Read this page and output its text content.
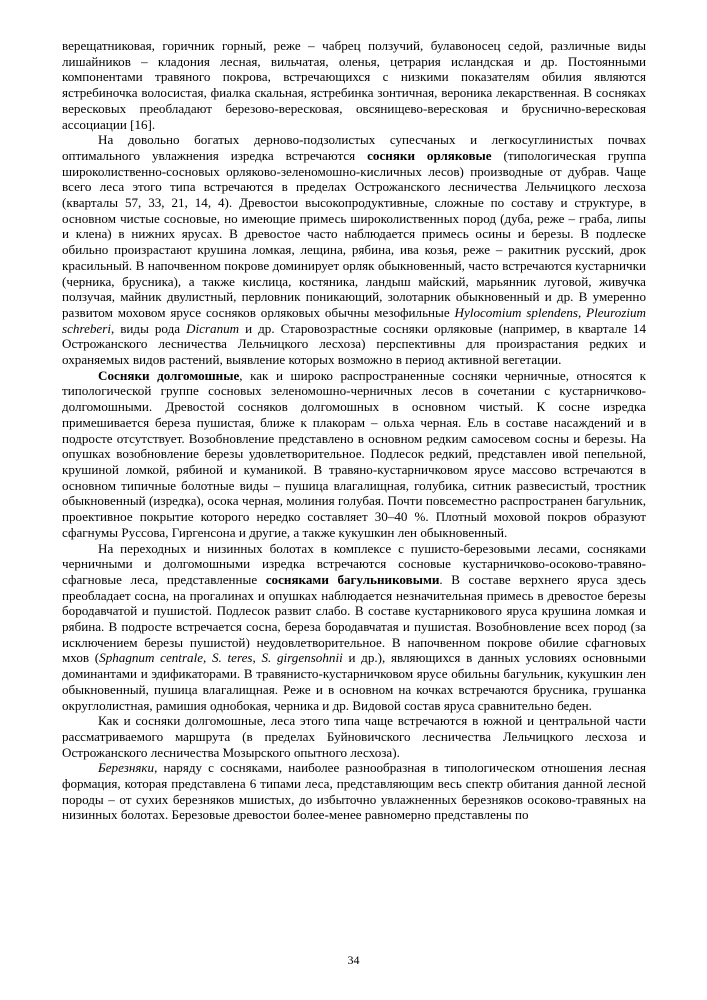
верещатниковая, горичник горный, реже – чабрец ползучий, булавоносец седой, различные виды лишайников – кладония лесная, вильчатая, оленья, цетрария исландская и др. Постоянными компонентами травяного покрова, встречающихся с низкими показателям обилия являются ястребиночка волосистая, фиалка скальная, ястребинка зонтичная, вероника лекарственная. В сосняках вересковых преобладают березово-вересковая, овсянищево-вересковая и брусничнo-вересковая ассоциации [16].

На довольно богатых дерново-подзолистых супесчаных и легкосуглинистых почвах оптимального увлажнения изредка встречаются сосняки орляковые (типологическая группа широколиственно-сосновых орляково-зеленомошно-кисличных лесов) производные от дубрав. Чаще всего леса этого типа встречаются в пределах Острожанского лесничества Лельчицкого лесхоза (кварталы 57, 33, 21, 14, 4). Древостои высокопродуктивные, сложные по составу и структуре, в основном чистые сосновые, но имеющие примесь широколиственных пород (дуба, реже – граба, липы и клена) в нижних ярусах. В древостое часто наблюдается примесь осины и березы. В подлеске обильно произрастают крушина ломкая, лещина, рябина, ива козья, реже – ракитник русский, дрок красильный. В напочвенном покрове доминирует орляк обыкновенный, часто встречаются кустарнички (черника, брусника), а также кислица, костяника, ландыш майский, марьянник луговой, живучка ползучая, майник двулистный, перловник поникающий, золотарник обыкновенный и др. В умеренно развитом моховом ярусе сосняков орляковых обычны мезофильные Hylocomium splendens, Pleurozium schreberi, виды рода Dicranum и др. Старовозрастные сосняки орляковые (например, в квартале 14 Острожанского лесничества Лельчицкого лесхоза) перспективны для произрастания редких и охраняемых видов растений, выявление которых возможно в период активной вегетации.

Сосняки долгомошные, как и широко распространенные сосняки черничные, относятся к типологической группе сосновых зеленомошно-черничных лесов в сочетании с кустарничково-долгомошными. Древостой сосняков долгомошных в основном чистый. К сосне изредка примешивается береза пушистая, ближе к плакорам – ольха черная. Ель в составе насаждений и в подросте отсутствует. Возобновление представлено в основном редким самосевом сосны и березы. На опушках возобновление березы удовлетворительное. Подлесок редкий, представлен ивой пепельной, крушиной ломкой, рябиной и куманикой. В травяно-кустарничковом ярусе массово встречаются в основном типичные болотные виды – пушица влагалищная, голубика, ситник развесистый, тростник обыкновенный (изредка), осока черная, молиния голубая. Почти повсеместно распространен багульник, проективное покрытие которого нередко составляет 30–40 %. Плотный моховой покров образуют сфагнумы Руссова, Гиргенсона и другие, а также кукушкин лен обыкновенный.

На переходных и низинных болотах в комплексе с пушисто-березовыми лесами, сосняками черничными и долгомошными изредка встречаются сосновые кустарничково-осоково-травяно-сфагновые леса, представленные сосняками багульниковыми. В составе верхнего яруса здесь преобладает сосна, на прогалинах и опушках наблюдается незначительная примесь в древостое березы бородавчатой и пушистой. Подлесок развит слабо. В составе кустарникового яруса крушина ломкая и рябина. В подросте встречается сосна, береза бородавчатая и пушистая. Возобновление всех пород (за исключением березы пушистой) неудовлетворительное. В напочвенном покрове обилие сфагновых мхов (Sphagnum centrale, S. teres, S. girgensohnii и др.), являющихся в данных условиях основными доминантами и эдификаторами. В травянисто-кустарничковом ярусе обильны багульник, кукушкин лен обыкновенный, пушица влагалищная. Реже и в основном на кочках встречаются брусника, грушанка округлолистная, рамишия однобокая, черника и др. Видовой состав яруса сравнительно беден.

Как и сосняки долгомошные, леса этого типа чаще встречаются в южной и центральной части рассматриваемого маршрута (в пределах Буйновичского лесничества Лельчицкого лесхоза и Острожанского лесничества Мозырского опытного лесхоза).

Березняки, наряду с сосняками, наиболее разнообразная в типологическом отношения лесная формация, которая представлена 6 типами леса, представляющим весь спектр обитания данной лесной породы – от сухих березняков мшистых, до избыточно увлажненных березняков осоково-травяных на низинных болотах. Березовые древостои более-менее равномерно представлены по

34
